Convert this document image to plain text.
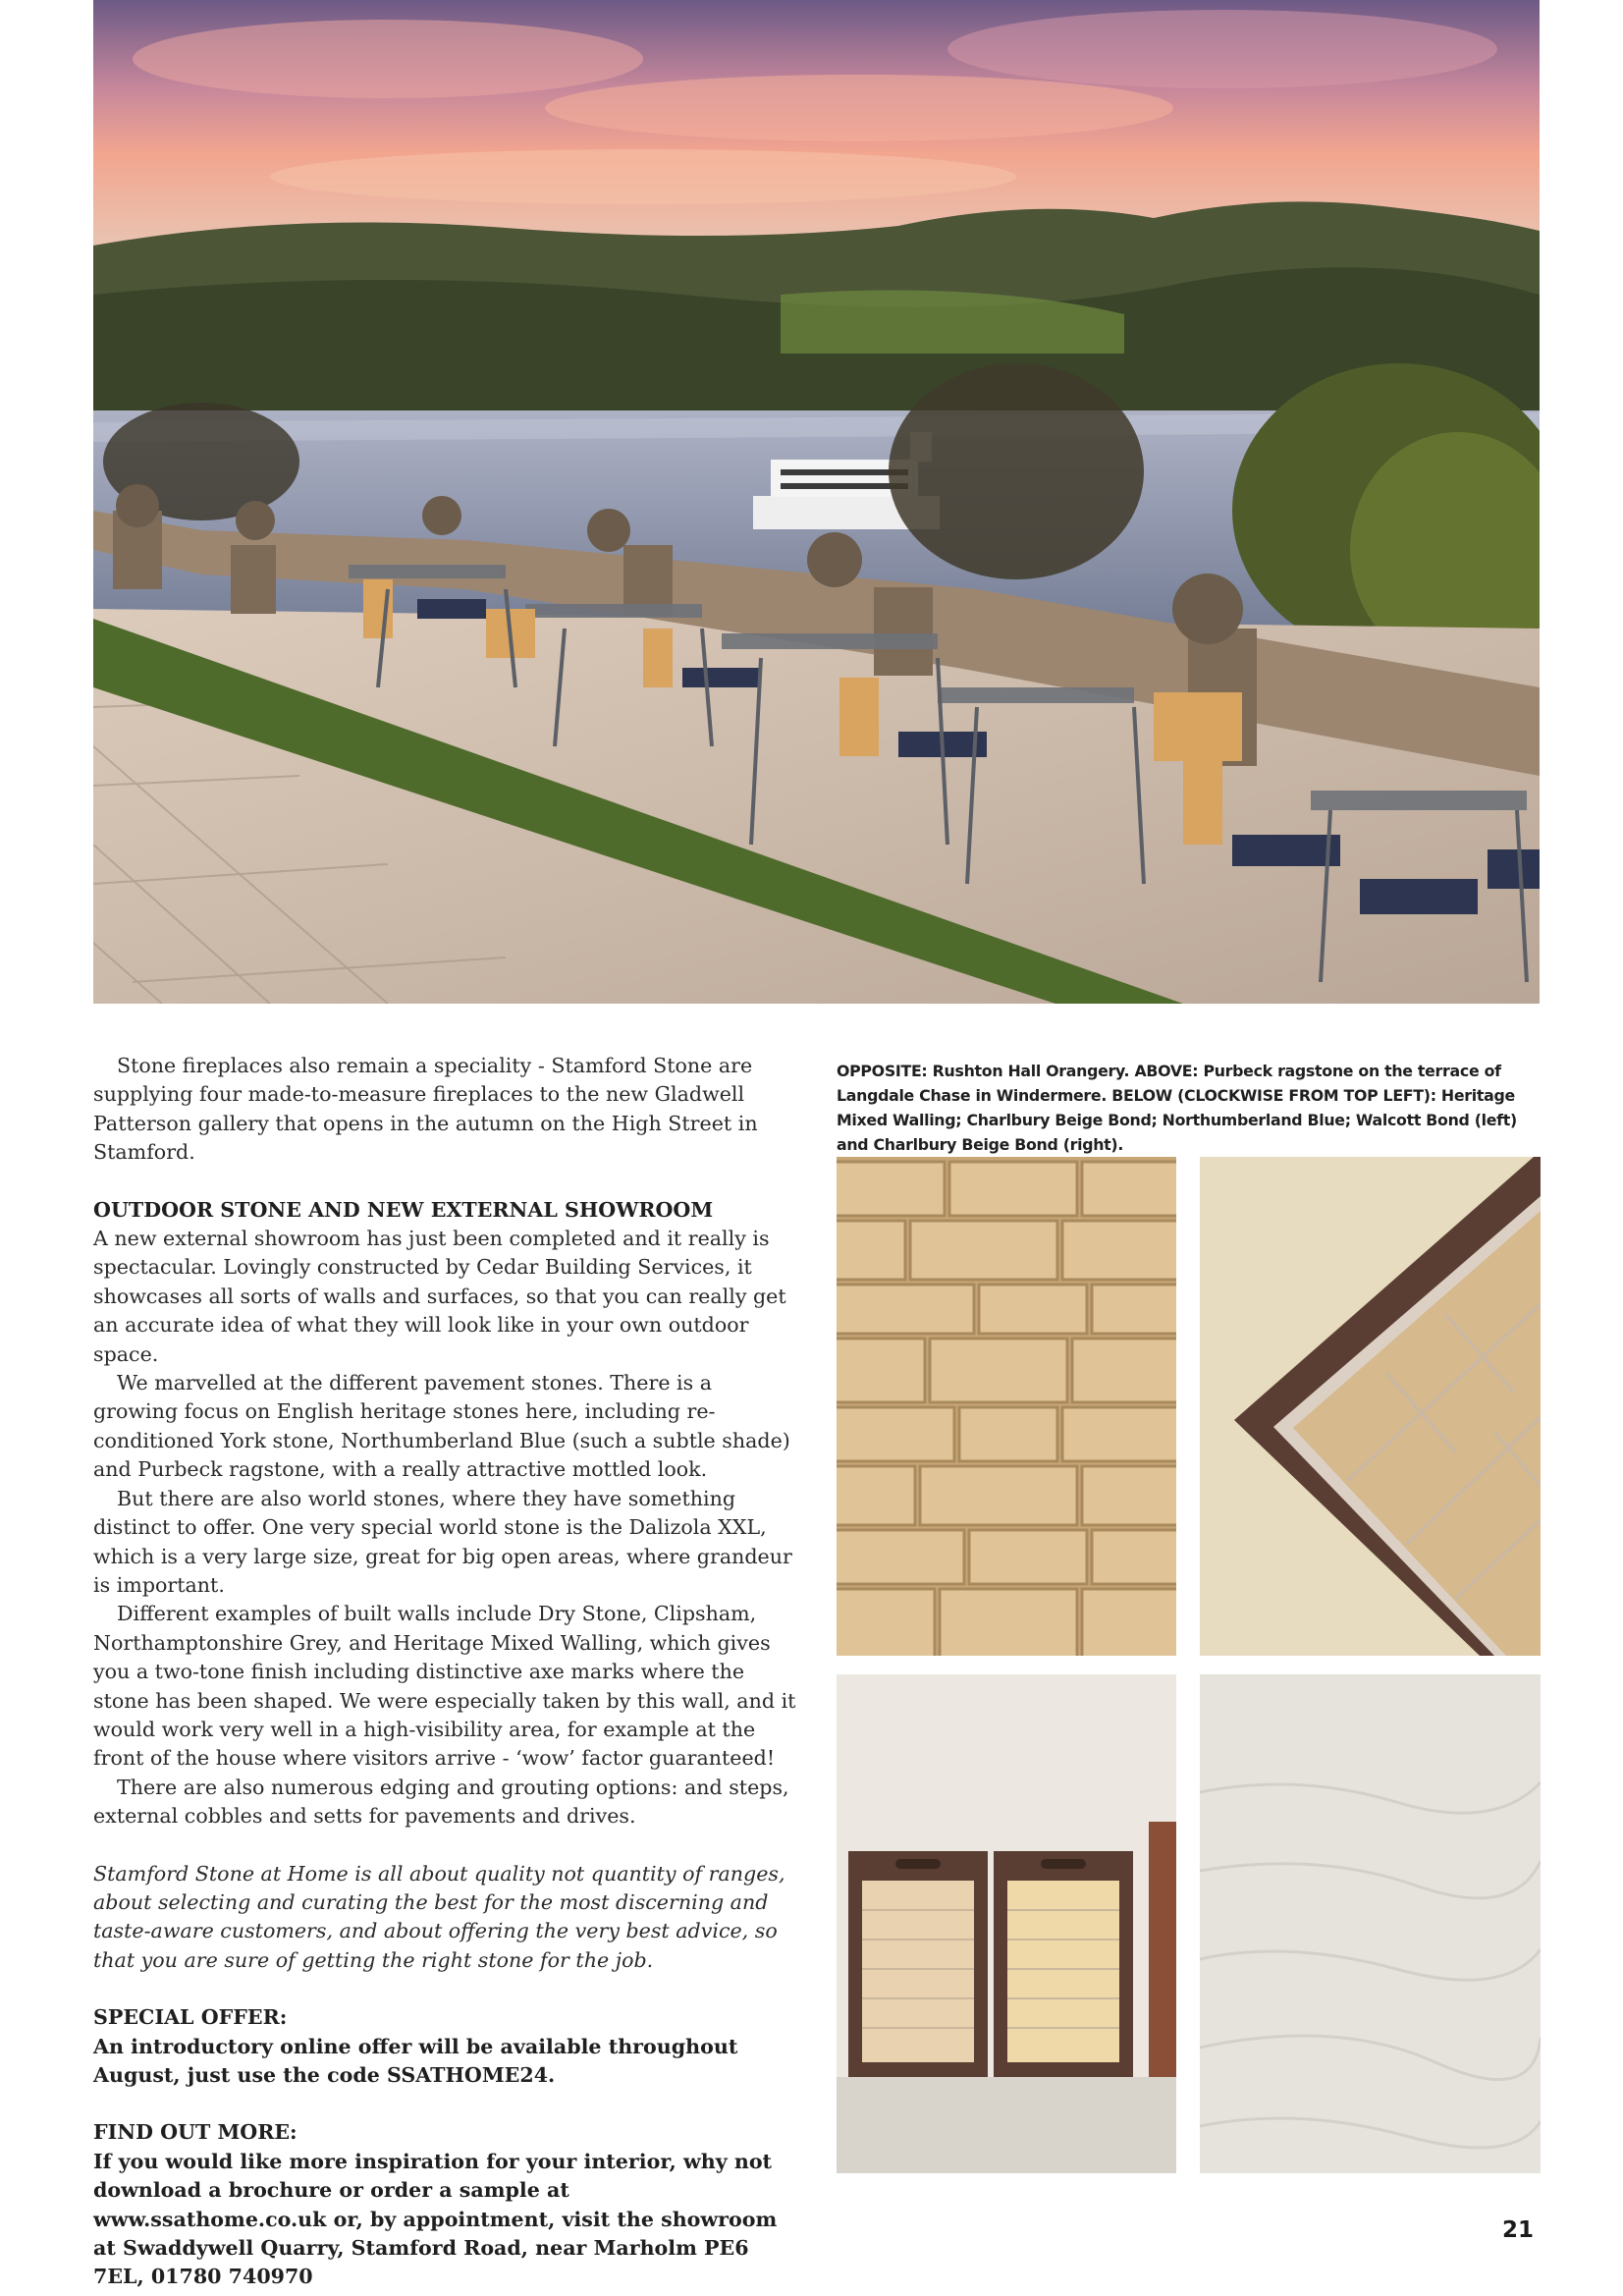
Stone fireplaces also remain a speciality - Stamford Stone are supplying four made-to-measure fireplaces to the new Gladwell Patterson gallery that opens in the autumn on the High Street in Stamford.

OUTDOOR STONE AND NEW EXTERNAL SHOWROOM

A new external showroom has just been completed and it really is spectacular. Lovingly constructed by Cedar Building Services, it showcases all sorts of walls and surfaces, so that you can really get an accurate idea of what they will look like in your own outdoor space.

We marvelled at the different pavement stones. There is a growing focus on English heritage stones here, including re-conditioned York stone, Northumberland Blue (such a subtle shade) and Purbeck ragstone, with a really attractive mottled look.

But there are also world stones, where they have something distinct to offer. One very special world stone is the Dalizola XXL, which is a very large size, great for big open areas, where grandeur is important.

Different examples of built walls include Dry Stone, Clipsham, Northamptonshire Grey, and Heritage Mixed Walling, which gives you a two-tone finish including distinctive axe marks where the stone has been shaped. We were especially taken by this wall, and it would work very well in a high-visibility area, for example at the front of the house where visitors arrive - ‘wow’ factor guaranteed!

There are also numerous edging and grouting options: and steps, external cobbles and setts for pavements and drives.

Stamford Stone at Home is all about quality not quantity of ranges, about selecting and curating the best for the most discerning and taste-aware customers, and about offering the very best advice, so that you are sure of getting the right stone for the job.

SPECIAL OFFER:

An introductory online offer will be available throughout August, just use the code SSATHOME24.

FIND OUT MORE:

If you would like more inspiration for your interior, why not download a brochure or order a sample at www.ssathome.co.uk or, by appointment, visit the showroom at Swaddywell Quarry, Stamford Road, near Marholm PE6 7EL, 01780 740970

OPPOSITE: Rushton Hall Orangery. ABOVE: Purbeck ragstone on the terrace of Langdale Chase in Windermere. BELOW (CLOCKWISE FROM TOP LEFT): Heritage Mixed Walling; Charlbury Beige Bond; Northumberland Blue; Walcott Bond (left) and Charlbury Beige Bond (right).
21
